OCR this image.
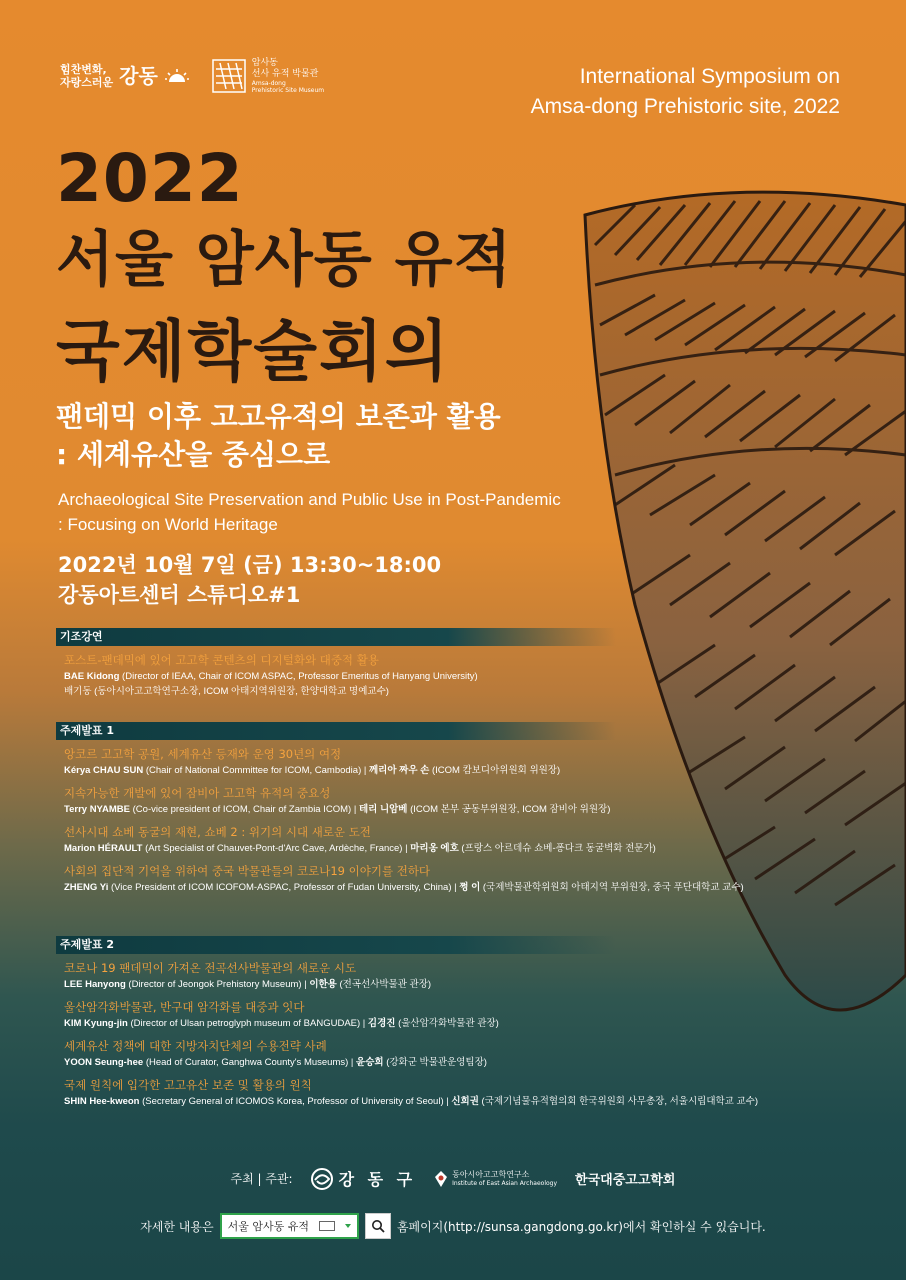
힘찬변화,
자랑스러운 강동
암사동
선사 유적 박물관
Amsa-dong
Prehistoric Site Museum
International Symposium on
Amsa-dong Prehistoric site, 2022
2022
서울 암사동 유적
국제학술회의
팬데믹 이후 고고유적의 보존과 활용
: 세계유산을 중심으로
Archaeological Site Preservation and Public Use in Post-Pandemic
: Focusing on World Heritage
2022년 10월 7일 (금) 13:30~18:00
강동아트센터 스튜디오#1
기조강연
포스트-팬데믹에 있어 고고학 콘텐츠의 디지털화와 대중적 활용
BAE Kidong (Director of IEAA, Chair of ICOM ASPAC, Professor Emeritus of Hanyang University)
배기동 (동아시아고고학연구소장, ICOM 아태지역위원장, 한양대학교 명예교수)
주제발표 1
앙코르 고고학 공원, 세계유산 등재와 운영 30년의 여정
Kérya CHAU SUN (Chair of National Committee for ICOM, Cambodia) | 께리아 짜우 손 (ICOM 캄보디아위원회 위원장)
지속가능한 개발에 있어 잠비아 고고학 유적의 중요성
Terry NYAMBE (Co-vice president of ICOM, Chair of Zambia ICOM) | 테리 니암베 (ICOM 본부 공동부위원장, ICOM 잠비아 위원장)
선사시대 쇼베 동굴의 재현, 쇼베 2 : 위기의 시대 새로운 도전
Marion HÉRAULT (Art Specialist of Chauvet-Pont-d'Arc Cave, Ardèche, France) | 마리옹 에호 (프랑스 아르데슈 쇼베-퐁다크 동굴벽화 전문가)
사회의 집단적 기억을 위하여 중국 박물관들의 코로나19 이야기를 전하다
ZHENG Yi (Vice President of ICOM ICOFOM-ASPAC, Professor of Fudan University, China) | 쩡 이 (국제박물관학위원회 아태지역 부위원장, 중국 푸단대학교 교수)
주제발표 2
코로나 19 팬데믹이 가져온 전곡선사박물관의 새로운 시도
LEE Hanyong (Director of Jeongok Prehistory Museum) | 이한용 (전곡선사박물관 관장)
울산암각화박물관, 반구대 암각화를 대중과 잇다
KIM Kyung-jin (Director of Ulsan petroglyph museum of BANGUDAE) | 김경진 (울산암각화박물관 관장)
세계유산 정책에 대한 지방자치단체의 수용전략 사례
YOON Seung-hee (Head of Curator, Ganghwa County's Museums) | 윤승희 (강화군 박물관운영팀장)
국제 원칙에 입각한 고고유산 보존 및 활용의 원칙
SHIN Hee-kweon (Secretary General of ICOMOS Korea, Professor of University of Seoul) | 신희권 (국제기념물유적협의회 한국위원회 사무총장, 서울시립대학교 교수)
주최 | 주관:	강 동 구	동아시아고고학연구소
Institute of East Asian Archaeology 한국대중고고학회
자세한 내용은 서울 암사동 유적	홈페이지(http://sunsa.gangdong.go.kr)에서 확인하실 수 있습니다.
